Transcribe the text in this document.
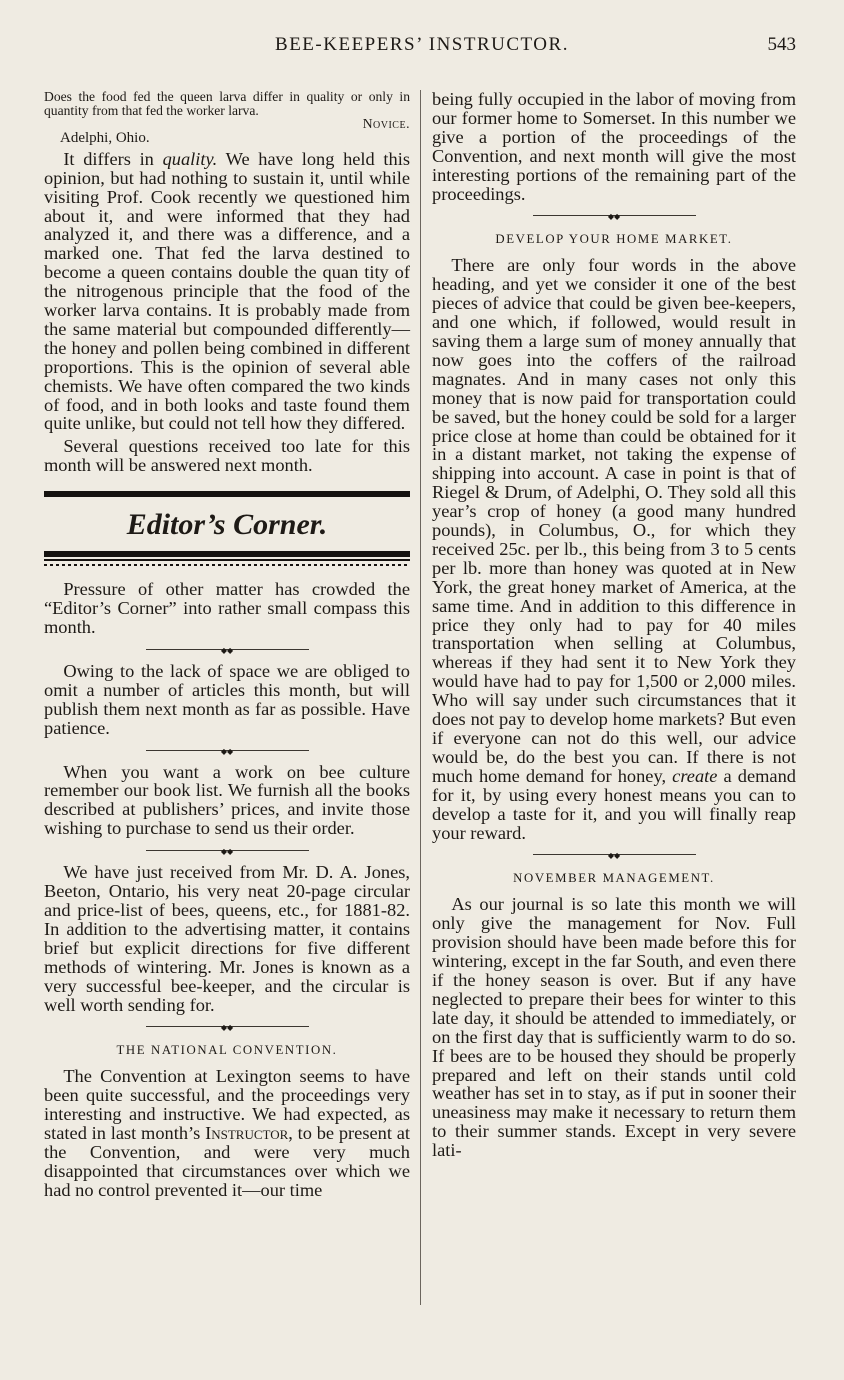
BEE-KEEPERS’ INSTRUCTOR.	543
Does the food fed the queen larva differ in quality or only in quantity from that fed the worker larva.
Novice.
Adelphi, Ohio.

It differs in quality. We have long held this opinion, but had nothing to sustain it, until while visiting Prof. Cook recently we questioned him about it, and were informed that they had analyzed it, and there was a difference, and a marked one. That fed the larva destined to become a queen contains double the quan tity of the nitrogenous principle that the food of the worker larva contains. It is probably made from the same material but compounded differently—the honey and pollen being combined in different proportions. This is the opinion of several able chemists. We have often compared the two kinds of food, and in both looks and taste found them quite unlike, but could not tell how they differed.

Several questions received too late for this month will be answered next month.

Editor’s Corner.

Pressure of other matter has crowded the “Editor’s Corner” into rather small compass this month.

◆◆

Owing to the lack of space we are obliged to omit a number of articles this month, but will publish them next month as far as possible. Have patience.

◆◆

When you want a work on bee culture remember our book list. We furnish all the books described at publishers’ prices, and invite those wishing to purchase to send us their order.

◆◆

We have just received from Mr. D. A. Jones, Beeton, Ontario, his very neat 20-page circular and price-list of bees, queens, etc., for 1881-82. In addition to the advertising matter, it contains brief but explicit directions for five different methods of wintering. Mr. Jones is known as a very successful bee-keeper, and the circular is well worth sending for.

◆◆
THE NATIONAL CONVENTION.

The Convention at Lexington seems to have been quite successful, and the proceedings very interesting and instructive. We had expected, as stated in last month’s Instructor, to be present at the Convention, and were very much disappointed that circumstances over which we had no control prevented it—our time

being fully occupied in the labor of moving from our former home to Somerset. In this number we give a portion of the proceedings of the Convention, and next month will give the most interesting portions of the remaining part of the proceedings.

◆◆
DEVELOP YOUR HOME MARKET.

There are only four words in the above heading, and yet we consider it one of the best pieces of advice that could be given bee-keepers, and one which, if followed, would result in saving them a large sum of money annually that now goes into the coffers of the railroad magnates. And in many cases not only this money that is now paid for transportation could be saved, but the honey could be sold for a larger price close at home than could be obtained for it in a distant market, not taking the expense of shipping into account. A case in point is that of Riegel & Drum, of Adelphi, O. They sold all this year’s crop of honey (a good many hundred pounds), in Columbus, O., for which they received 25c. per lb., this being from 3 to 5 cents per lb. more than honey was quoted at in New York, the great honey market of America, at the same time. And in addition to this difference in price they only had to pay for 40 miles transportation when selling at Columbus, whereas if they had sent it to New York they would have had to pay for 1,500 or 2,000 miles. Who will say under such circumstances that it does not pay to develop home markets? But even if everyone can not do this well, our advice would be, do the best you can. If there is not much home demand for honey, create a demand for it, by using every honest means you can to develop a taste for it, and you will finally reap your reward.

◆◆
NOVEMBER MANAGEMENT.

As our journal is so late this month we will only give the management for Nov. Full provision should have been made before this for wintering, except in the far South, and even there if the honey season is over. But if any have neglected to prepare their bees for winter to this late day, it should be attended to immediately, or on the first day that is sufficiently warm to do so. If bees are to be housed they should be properly prepared and left on their stands until cold weather has set in to stay, as if put in sooner their uneasiness may make it necessary to return them to their summer stands. Except in very severe lati-
